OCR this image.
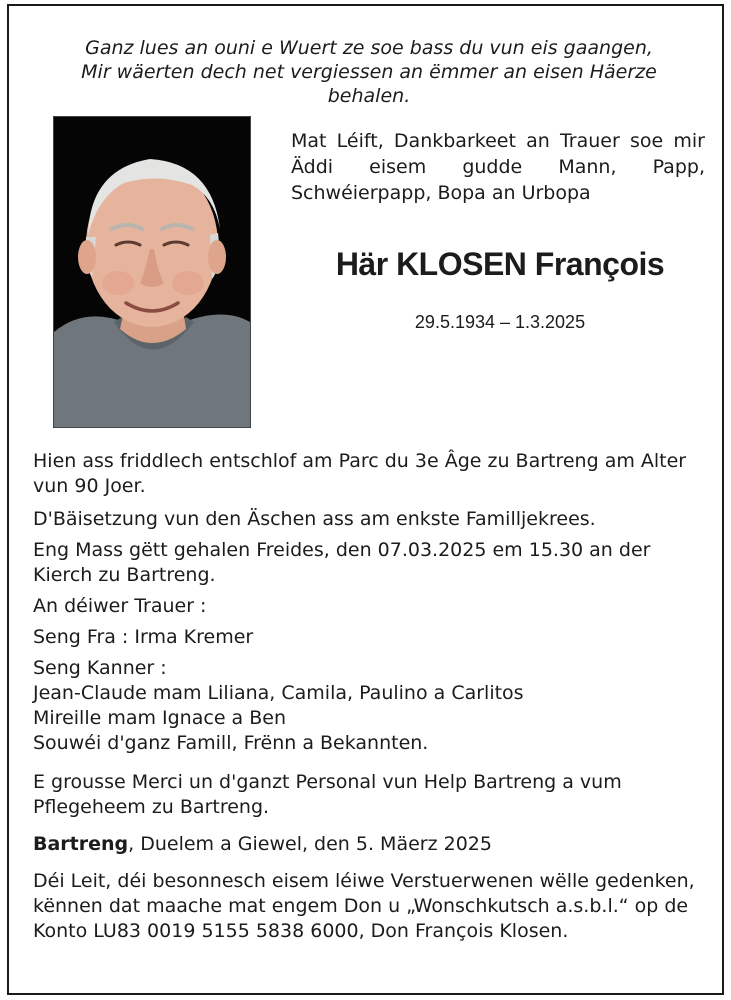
Ganz lues an ouni e Wuert ze soe bass du vun eis gaangen,
Mir wäerten dech net vergiessen an ëmmer an eisen Häerze
behalen.
Mat Léift, Dankbarkeet an Trauer soe mir Äddi eisem gudde Mann, Papp, Schwéierpapp, Bopa an Urbopa
Här KLOSEN François
29.5.1934 – 1.3.2025

Hien ass friddlech entschlof am Parc du 3e Âge zu Bartreng am Alter vun 90 Joer.

D'Bäisetzung vun den Äschen ass am enkste Familljekrees.

Eng Mass gëtt gehalen Freides, den 07.03.2025 em 15.30 an der Kierch zu Bartreng.

An déiwer Trauer :

Seng Fra : Irma Kremer

Seng Kanner :

Jean-Claude mam Liliana, Camila, Paulino a Carlitos

Mireille mam Ignace a Ben

Souwéi d'ganz Famill, Frënn a Bekannten.

E grousse Merci un d'ganzt Personal vun Help Bartreng a vum Pflegeheem zu Bartreng.

Bartreng, Duelem a Giewel, den 5. Mäerz 2025

Déi Leit, déi besonnesch eisem léiwe Verstuerwenen wëlle gedenken, kënnen dat maache mat engem Don u „Wonschkutsch a.s.b.l.“ op de Konto LU83 0019 5155 5838 6000, Don François Klosen.
